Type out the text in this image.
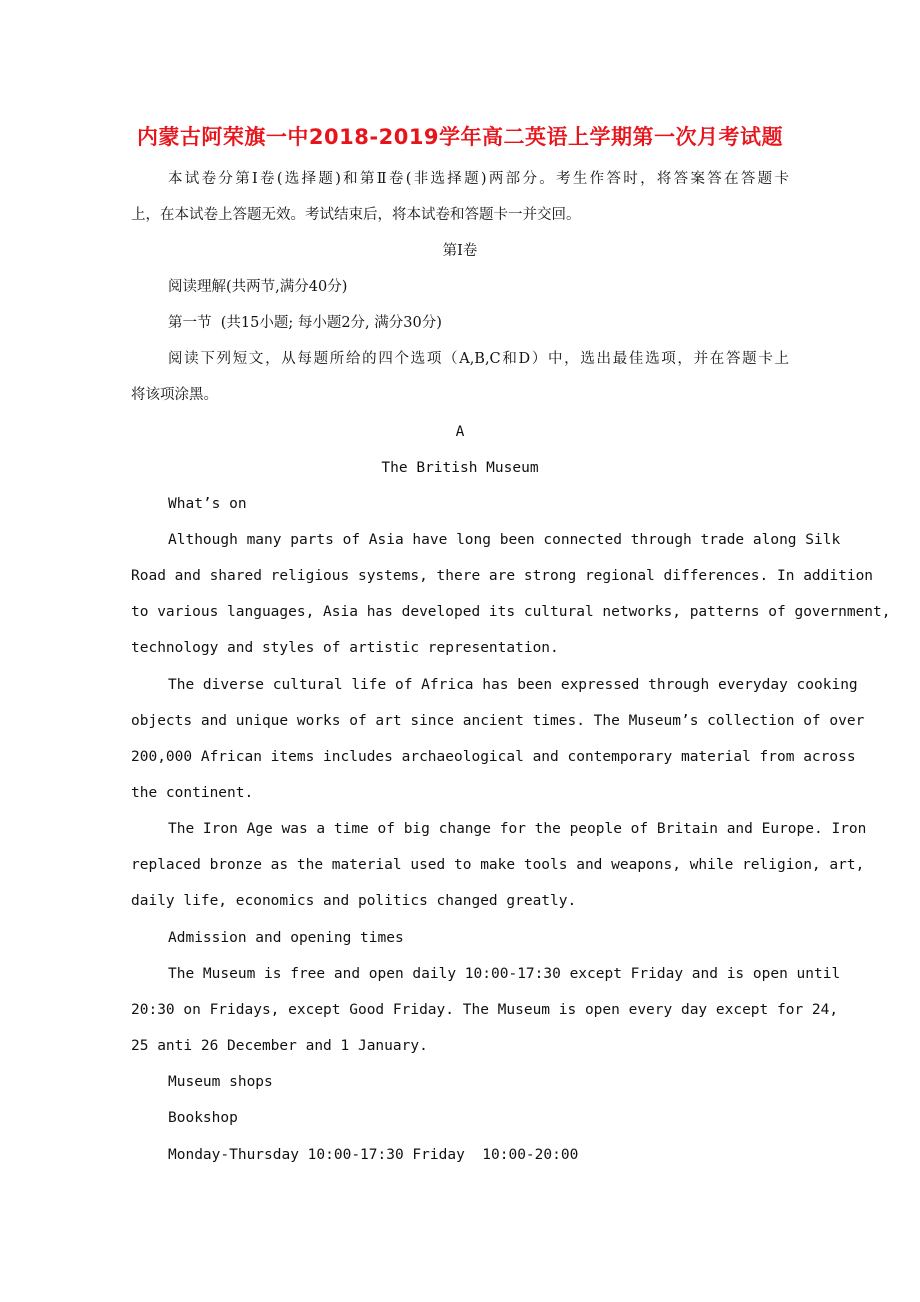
内蒙古阿荣旗一中2018-2019学年高二英语上学期第一次月考试题
本试卷分第Ⅰ卷(选择题)和第Ⅱ卷(非选择题)两部分。考生作答时，将答案答在答题卡
上，在本试卷上答题无效。考试结束后，将本试卷和答题卡一并交回。
第Ⅰ卷
阅读理解(共两节,满分40分)
第一节  (共15小题; 每小题2分, 满分30分)
阅读下列短文，从每题所给的四个选项（A,B,C和D）中，选出最佳选项，并在答题卡上
将该项涂黑。
A
The British Museum
What’s on
Although many parts of Asia have long been connected through trade along Silk
Road and shared religious systems, there are strong regional differences. In addition
to various languages, Asia has developed its cultural networks, patterns of government,
technology and styles of artistic representation.
The diverse cultural life of Africa has been expressed through everyday cooking
objects and unique works of art since ancient times. The Museum’s collection of over
200,000 African items includes archaeological and contemporary material from across
the continent.
The Iron Age was a time of big change for the people of Britain and Europe. Iron
replaced bronze as the material used to make tools and weapons, while religion, art,
daily life, economics and politics changed greatly.
Admission and opening times
The Museum is free and open daily 10:00-17:30 except Friday and is open until
20:30 on Fridays, except Good Friday. The Museum is open every day except for 24,
25 anti 26 December and 1 January.
Museum shops
Bookshop
Monday-Thursday 10:00-17:30 Friday  10:00-20:00
